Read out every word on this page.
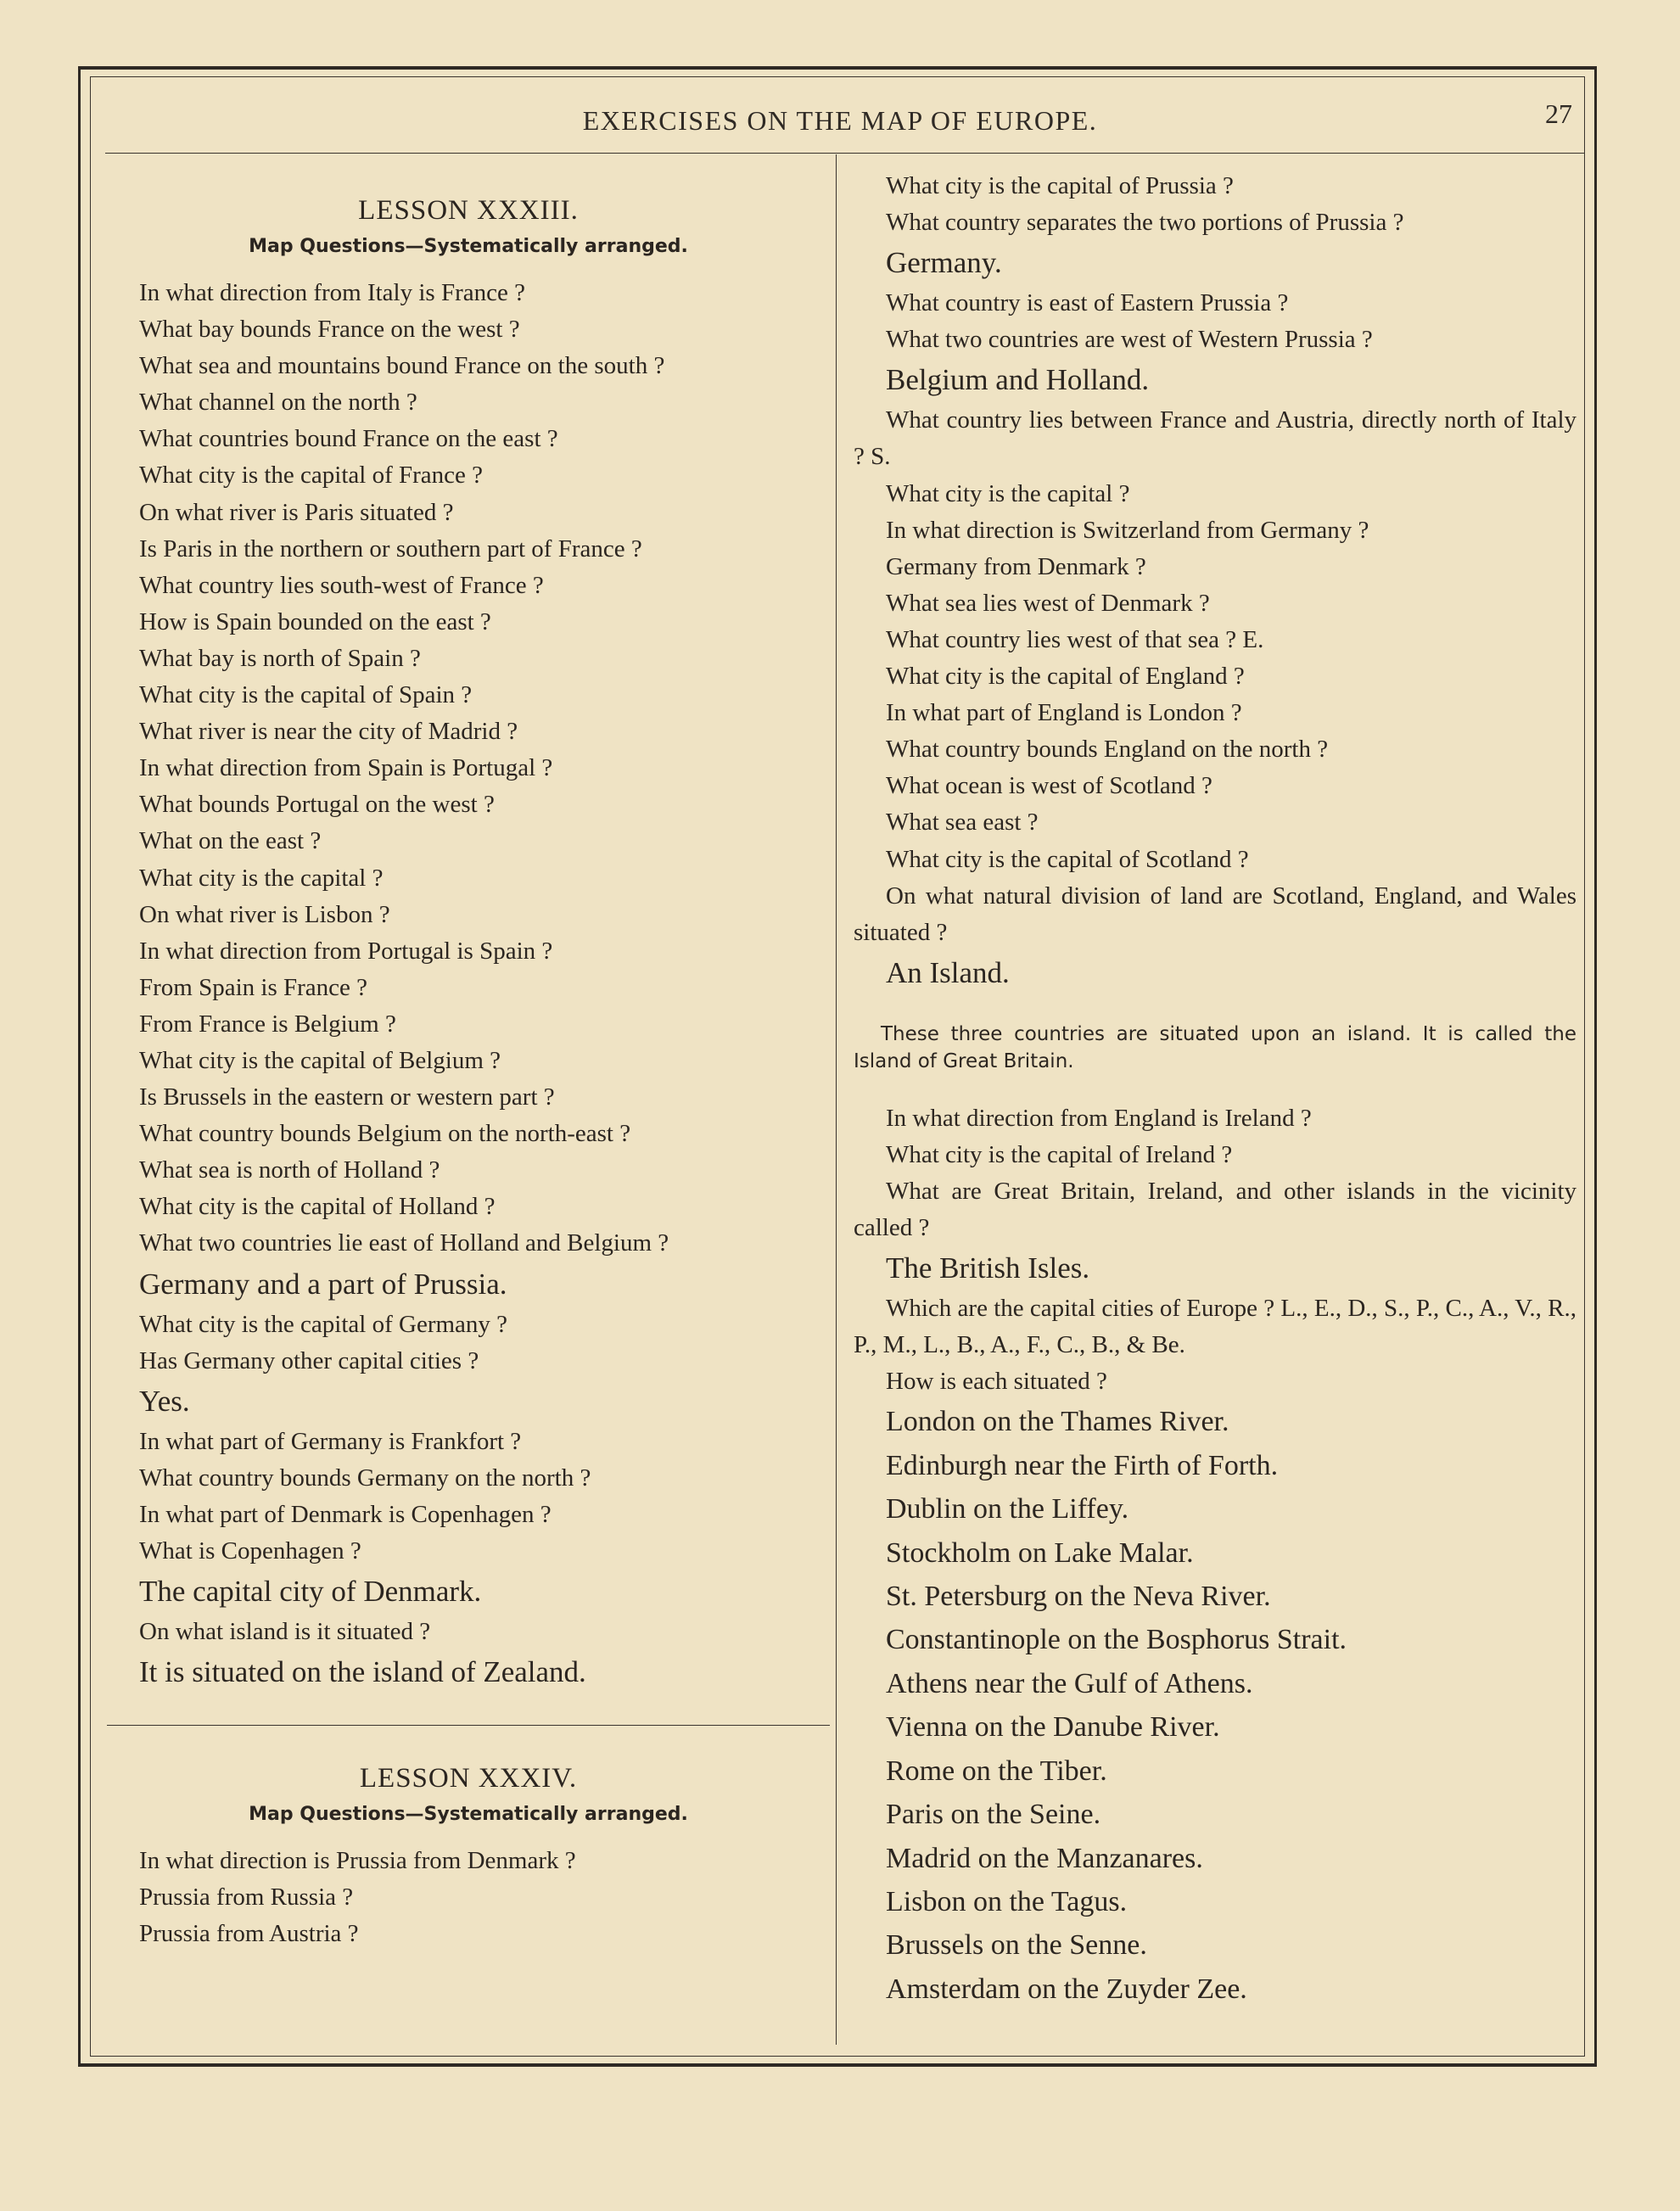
EXERCISES ON THE MAP OF EUROPE.	27

LESSON XXXIII.

Map Questions—Systematically arranged.

In what direction from Italy is France ?

What bay bounds France on the west ?

What sea and mountains bound France on the south ?

What channel on the north ?

What countries bound France on the east ?

What city is the capital of France ?

On what river is Paris situated ?

Is Paris in the northern or southern part of France ?

What country lies south-west of France ?

How is Spain bounded on the east ?

What bay is north of Spain ?

What city is the capital of Spain ?

What river is near the city of Madrid ?

In what direction from Spain is Portugal ?

What bounds Portugal on the west ?

What on the east ?

What city is the capital ?

On what river is Lisbon ?

In what direction from Portugal is Spain ?

From Spain is France ?

From France is Belgium ?

What city is the capital of Belgium ?

Is Brussels in the eastern or western part ?

What country bounds Belgium on the north-east ?

What sea is north of Holland ?

What city is the capital of Holland ?

What two countries lie east of Holland and Belgium ?

Germany and a part of Prussia.

What city is the capital of Germany ?

Has Germany other capital cities ?

Yes.

In what part of Germany is Frankfort ?

What country bounds Germany on the north ?

In what part of Denmark is Copenhagen ?

What is Copenhagen ?

The capital city of Denmark.

On what island is it situated ?

It is situated on the island of Zealand.

LESSON XXXIV.

Map Questions—Systematically arranged.

In what direction is Prussia from Denmark ?

Prussia from Russia ?

Prussia from Austria ?

What city is the capital of Prussia ?

What country separates the two portions of Prussia ?

Germany.

What country is east of Eastern Prussia ?

What two countries are west of Western Prussia ?

Belgium and Holland.

What country lies between France and Austria, directly north of Italy ? S.

What city is the capital ?

In what direction is Switzerland from Germany ?

Germany from Denmark ?

What sea lies west of Denmark ?

What country lies west of that sea ? E.

What city is the capital of England ?

In what part of England is London ?

What country bounds England on the north ?

What ocean is west of Scotland ?

What sea east ?

What city is the capital of Scotland ?

On what natural division of land are Scotland, England, and Wales situated ?

An Island.

These three countries are situated upon an island. It is called the Island of Great Britain.

In what direction from England is Ireland ?

What city is the capital of Ireland ?

What are Great Britain, Ireland, and other islands in the vicinity called ?

The British Isles.

Which are the capital cities of Europe ? L., E., D., S., P., C., A., V., R., P., M., L., B., A., F., C., B., & Be.

How is each situated ?

London on the Thames River.

Edinburgh near the Firth of Forth.

Dublin on the Liffey.

Stockholm on Lake Malar.

St. Petersburg on the Neva River.

Constantinople on the Bosphorus Strait.

Athens near the Gulf of Athens.

Vienna on the Danube River.

Rome on the Tiber.

Paris on the Seine.

Madrid on the Manzanares.

Lisbon on the Tagus.

Brussels on the Senne.

Amsterdam on the Zuyder Zee.
